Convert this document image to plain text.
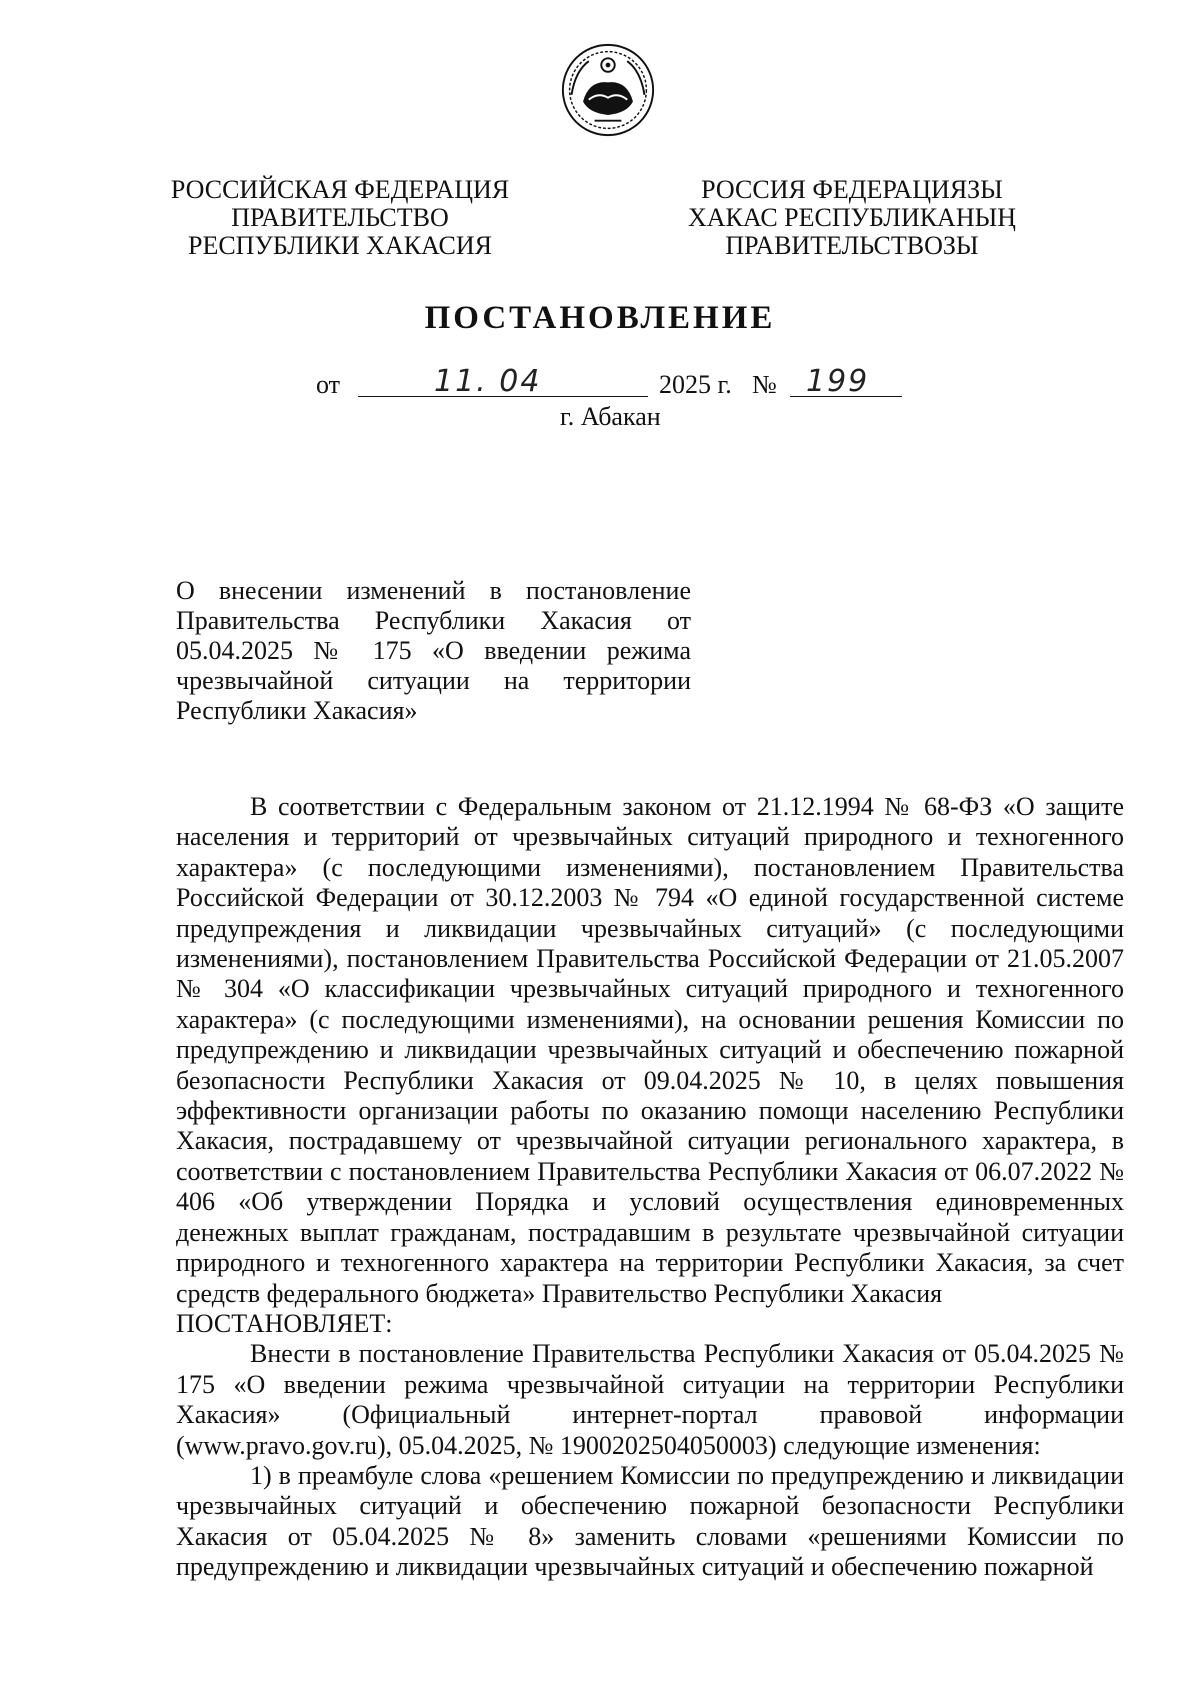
РОССИЙСКАЯ ФЕДЕРАЦИЯ
ПРАВИТЕЛЬСТВО
РЕСПУБЛИКИ ХАКАСИЯ
РОССИЯ ФЕДЕРАЦИЯЗЫ
ХАКАС РЕСПУБЛИКАНЫҢ
ПРАВИТЕЛЬСТВОЗЫ
ПОСТАНОВЛЕНИЕ
от	11. 04	2025 г. № 199
г. Абакан
О внесении изменений в постановление Правительства Республики Хакасия от 05.04.2025 № 175 «О введении режима чрезвычайной ситуации на территории Республики Хакасия»

В соответствии с Федеральным законом от 21.12.1994 № 68-ФЗ «О защите населения и территорий от чрезвычайных ситуаций природного и техногенного характера» (с последующими изменениями), постановлением Правительства Российской Федерации от 30.12.2003 № 794 «О единой государственной системе предупреждения и ликвидации чрезвычайных ситуаций» (с последующими изменениями), постановлением Правительства Российской Федерации от 21.05.2007 № 304 «О классификации чрезвычайных ситуаций природного и техногенного характера» (с последующими изменениями), на основании решения Комиссии по предупреждению и ликвидации чрезвычайных ситуаций и обеспечению пожарной безопасности Республики Хакасия от 09.04.2025 № 10, в целях повышения эффективности организации работы по оказанию помощи населению Республики Хакасия, пострадавшему от чрезвычайной ситуации регионального характера, в соответствии с постановлением Правительства Республики Хакасия от 06.07.2022 № 406 «Об утверждении Порядка и условий осуществления единовременных денежных выплат гражданам, пострадавшим в результате чрезвычайной ситуации природного и техногенного характера на территории Республики Хакасия, за счет средств федерального бюджета» Правительство Республики Хакасия

ПОСТАНОВЛЯЕТ:

Внести в постановление Правительства Республики Хакасия от 05.04.2025 № 175 «О введении режима чрезвычайной ситуации на территории Республики Хакасия» (Официальный интернет-портал правовой информации (www.pravo.gov.ru), 05.04.2025, № 1900202504050003) следующие изменения:

1) в преамбуле слова «решением Комиссии по предупреждению и ликвидации чрезвычайных ситуаций и обеспечению пожарной безопасности Республики Хакасия от 05.04.2025 № 8» заменить словами «решениями Комиссии по предупреждению и ликвидации чрезвычайных ситуаций и обеспечению пожарной
